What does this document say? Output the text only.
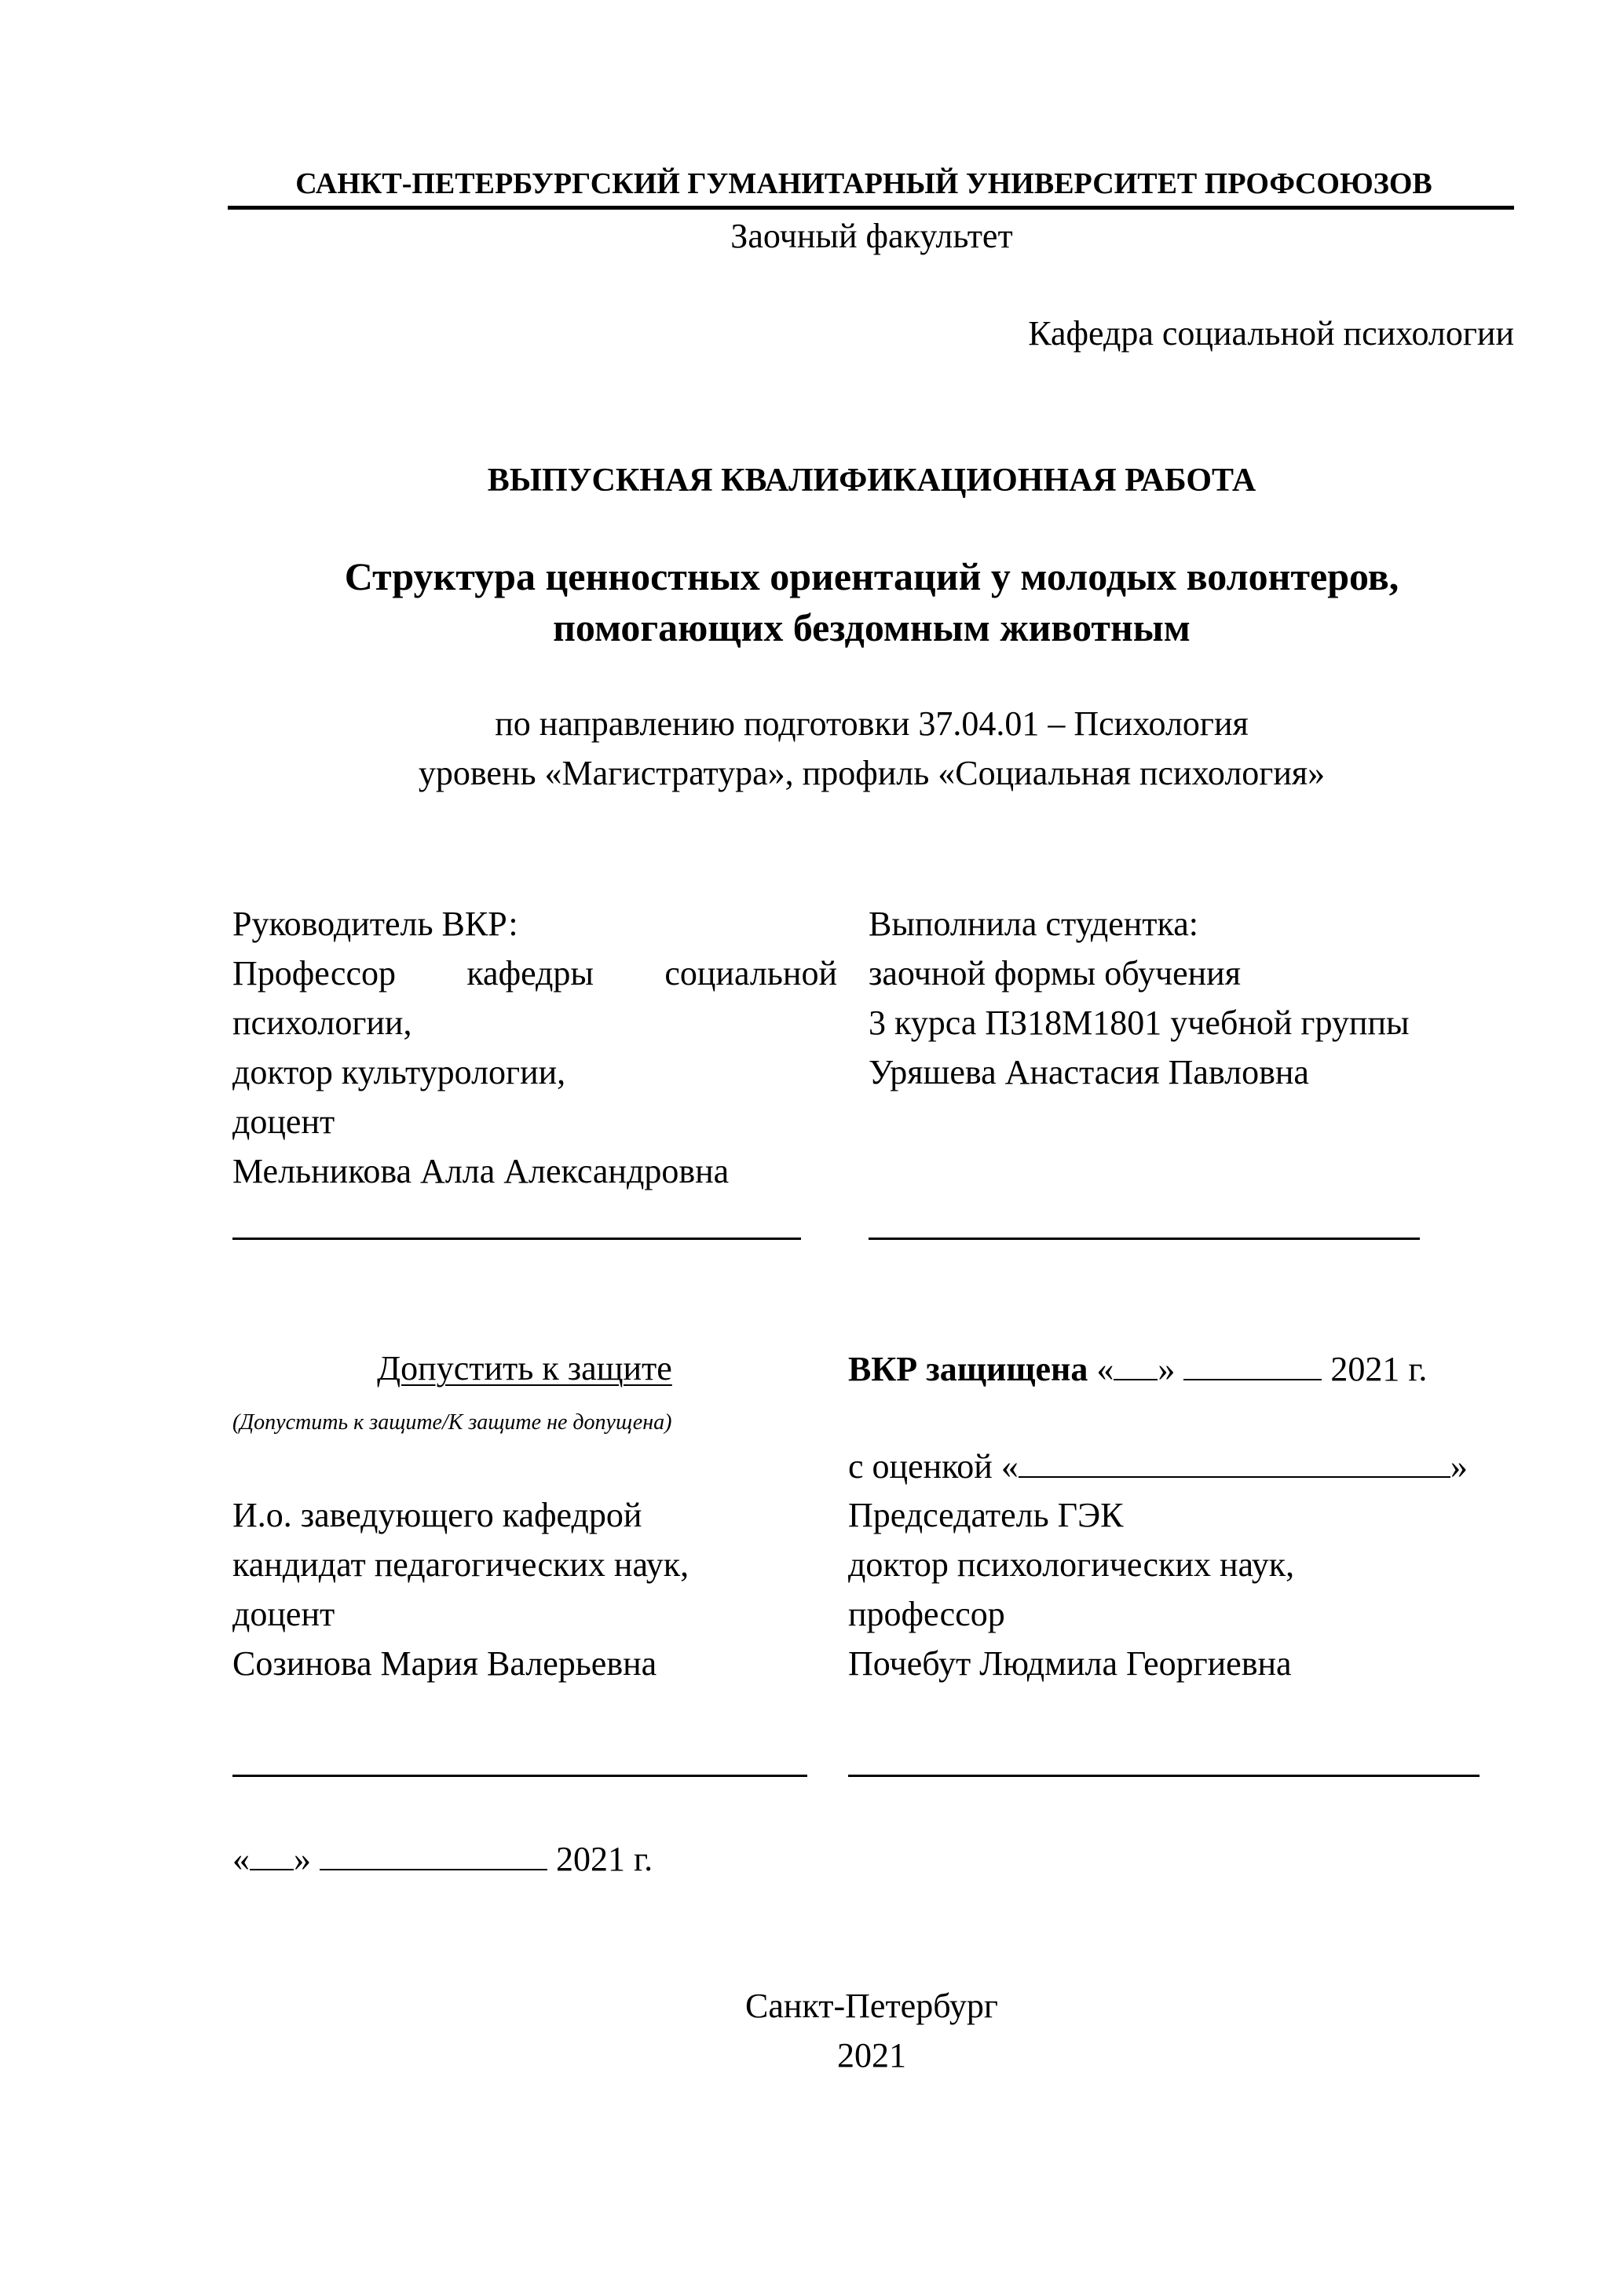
САНКТ-ПЕТЕРБУРГСКИЙ ГУМАНИТАРНЫЙ УНИВЕРСИТЕТ ПРОФСОЮЗОВ
Заочный факультет
Кафедра социальной психологии
ВЫПУСКНАЯ КВАЛИФИКАЦИОННАЯ РАБОТА
Структура ценностных ориентаций у молодых волонтеров,
помогающих бездомным животным
по направлению подготовки 37.04.01 – Психология
уровень «Магистратура», профиль «Социальная психология»
Руководитель ВКР:
Профессор кафедры социальной
психологии,
доктор культурологии,
доцент
Мельникова Алла Александровна
Выполнила студентка:
заочной формы обучения
3 курса ПЗ18М1801 учебной группы
Уряшева Анастасия Павловна
Допустить к защите
(Допустить к защите/К защите не допущена)
ВКР защищена « »	2021 г.
с оценкой «	»
И.о. заведующего кафедрой
кандидат педагогических наук,
доцент
Созинова Мария Валерьевна
Председатель ГЭК
доктор психологических наук,
профессор
Почебут Людмила Георгиевна
« »	2021 г.
Санкт-Петербург
2021
